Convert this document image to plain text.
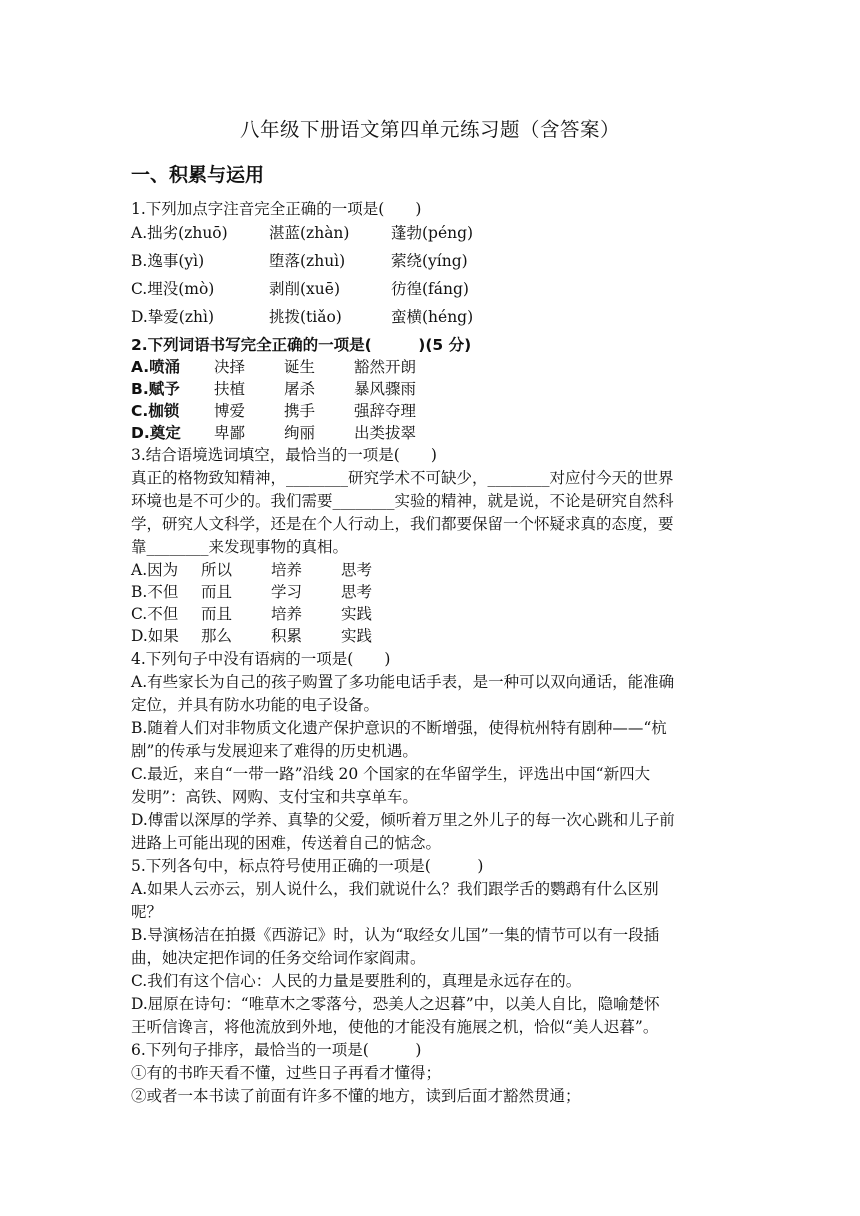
八年级下册语文第四单元练习题（含答案）
一、积累与运用
1.下列加点字注音完全正确的一项是(　　)
A.拙劣(zhuō)	湛蓝(zhàn)	蓬勃(péng)
B.逸事(yì)	堕落(zhuì)	萦绕(yíng)
C.埋没(mò)	剥削(xuē)	彷徨(fáng)
D.挚爱(zhì)	挑拨(tiǎo)	蛮横(héng)
2.下列词语书写完全正确的一项是(　　　)(5 分)
A.喷涌 决择	诞生	豁然开朗
B.赋予 扶植	屠杀	暴风骤雨
C.枷锁 博爱	携手	强辞夺理
D.奠定 卑鄙	绚丽	出类拔翠
3.结合语境选词填空，最恰当的一项是(　　)
真正的格物致知精神，________研究学术不可缺少，________对应付今天的世界
环境也是不可少的。我们需要________实验的精神，就是说，不论是研究自然科
学，研究人文科学，还是在个人行动上，我们都要保留一个怀疑求真的态度，要
靠________来发现事物的真相。
A.因为 所以	培养	思考
B.不但 而且	学习	思考
C.不但 而且	培养	实践
D.如果 那么	积累	实践
4.下列句子中没有语病的一项是(　　)
A.有些家长为自己的孩子购置了多功能电话手表，是一种可以双向通话，能准确
定位，并具有防水功能的电子设备。
B.随着人们对非物质文化遗产保护意识的不断增强，使得杭州特有剧种——“杭
剧”的传承与发展迎来了难得的历史机遇。
C.最近，来自“一带一路”沿线 20 个国家的在华留学生，评选出中国“新四大
发明”：高铁、网购、支付宝和共享单车。
D.傅雷以深厚的学养、真挚的父爱，倾听着万里之外儿子的每一次心跳和儿子前
进路上可能出现的困难，传送着自己的惦念。
5.下列各句中，标点符号使用正确的一项是(　　　)
A.如果人云亦云，别人说什么，我们就说什么？我们跟学舌的鹦鹉有什么区别
呢？
B.导演杨洁在拍摄《西游记》时，认为“取经女儿国”一集的情节可以有一段插
曲，她决定把作词的任务交给词作家阎肃。
C.我们有这个信心：人民的力量是要胜利的，真理是永远存在的。
D.屈原在诗句：“唯草木之零落兮，恐美人之迟暮”中，以美人自比，隐喻楚怀
王听信谗言，将他流放到外地，使他的才能没有施展之机，恰似“美人迟暮”。
6.下列句子排序，最恰当的一项是(　　　)
①有的书昨天看不懂，过些日子再看才懂得；
②或者一本书读了前面有许多不懂的地方，读到后面才豁然贯通；
